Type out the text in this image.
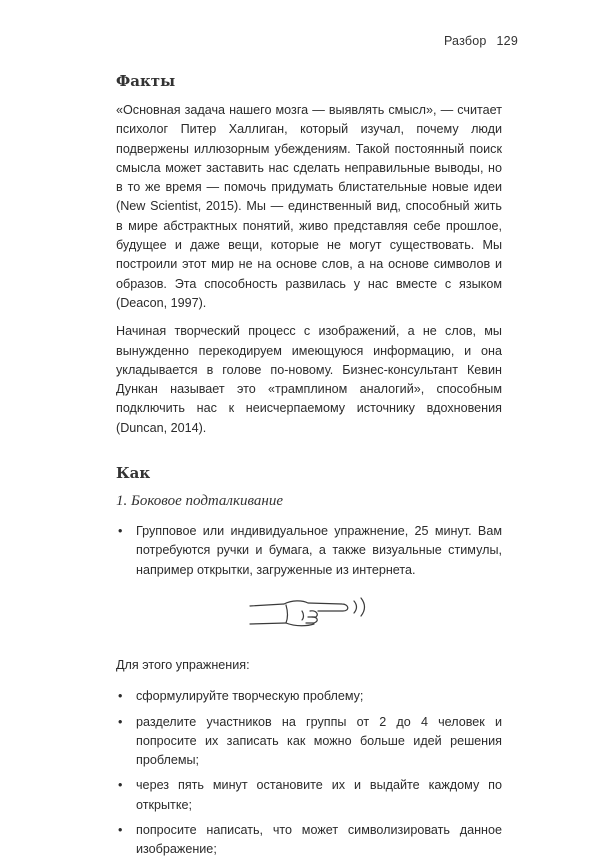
Разбор 129
Факты

«Основная задача нашего мозга — выявлять смысл», — считает психолог Питер Халлиган, который изучал, почему люди подвержены иллюзорным убеждениям. Такой постоянный поиск смысла может заставить нас сделать неправильные выводы, но в то же время — помочь придумать блистательные новые идеи (New Scientist, 2015). Мы — единственный вид, способный жить в мире абстрактных понятий, живо представляя себе прошлое, будущее и даже вещи, которые не могут существовать. Мы построили этот мир не на основе слов, а на основе символов и образов. Эта способность развилась у нас вместе с языком (Deacon, 1997).

Начиная творческий процесс с изображений, а не слов, мы вынужденно перекодируем имеющуюся информацию, и она укладывается в голове по-новому. Бизнес-консультант Кевин Дункан называет это «трамплином аналогий», способным подключить нас к неисчерпаемому источнику вдохновения (Duncan, 2014).

Как
1. Боковое подталкивание
• Групповое или индивидуальное упражнение, 25 минут. Вам потребуются ручки и бумага, а также визуальные стимулы, например открытки, загруженные из интернета.

Для этого упражнения:

• сформулируйте творческую проблему;
• разделите участников на группы от 2 до 4 человек и попросите их записать как можно больше идей решения проблемы;
• через пять минут остановите их и выдайте каждому по открытке;
• попросите написать, что может символизировать данное изображение;
